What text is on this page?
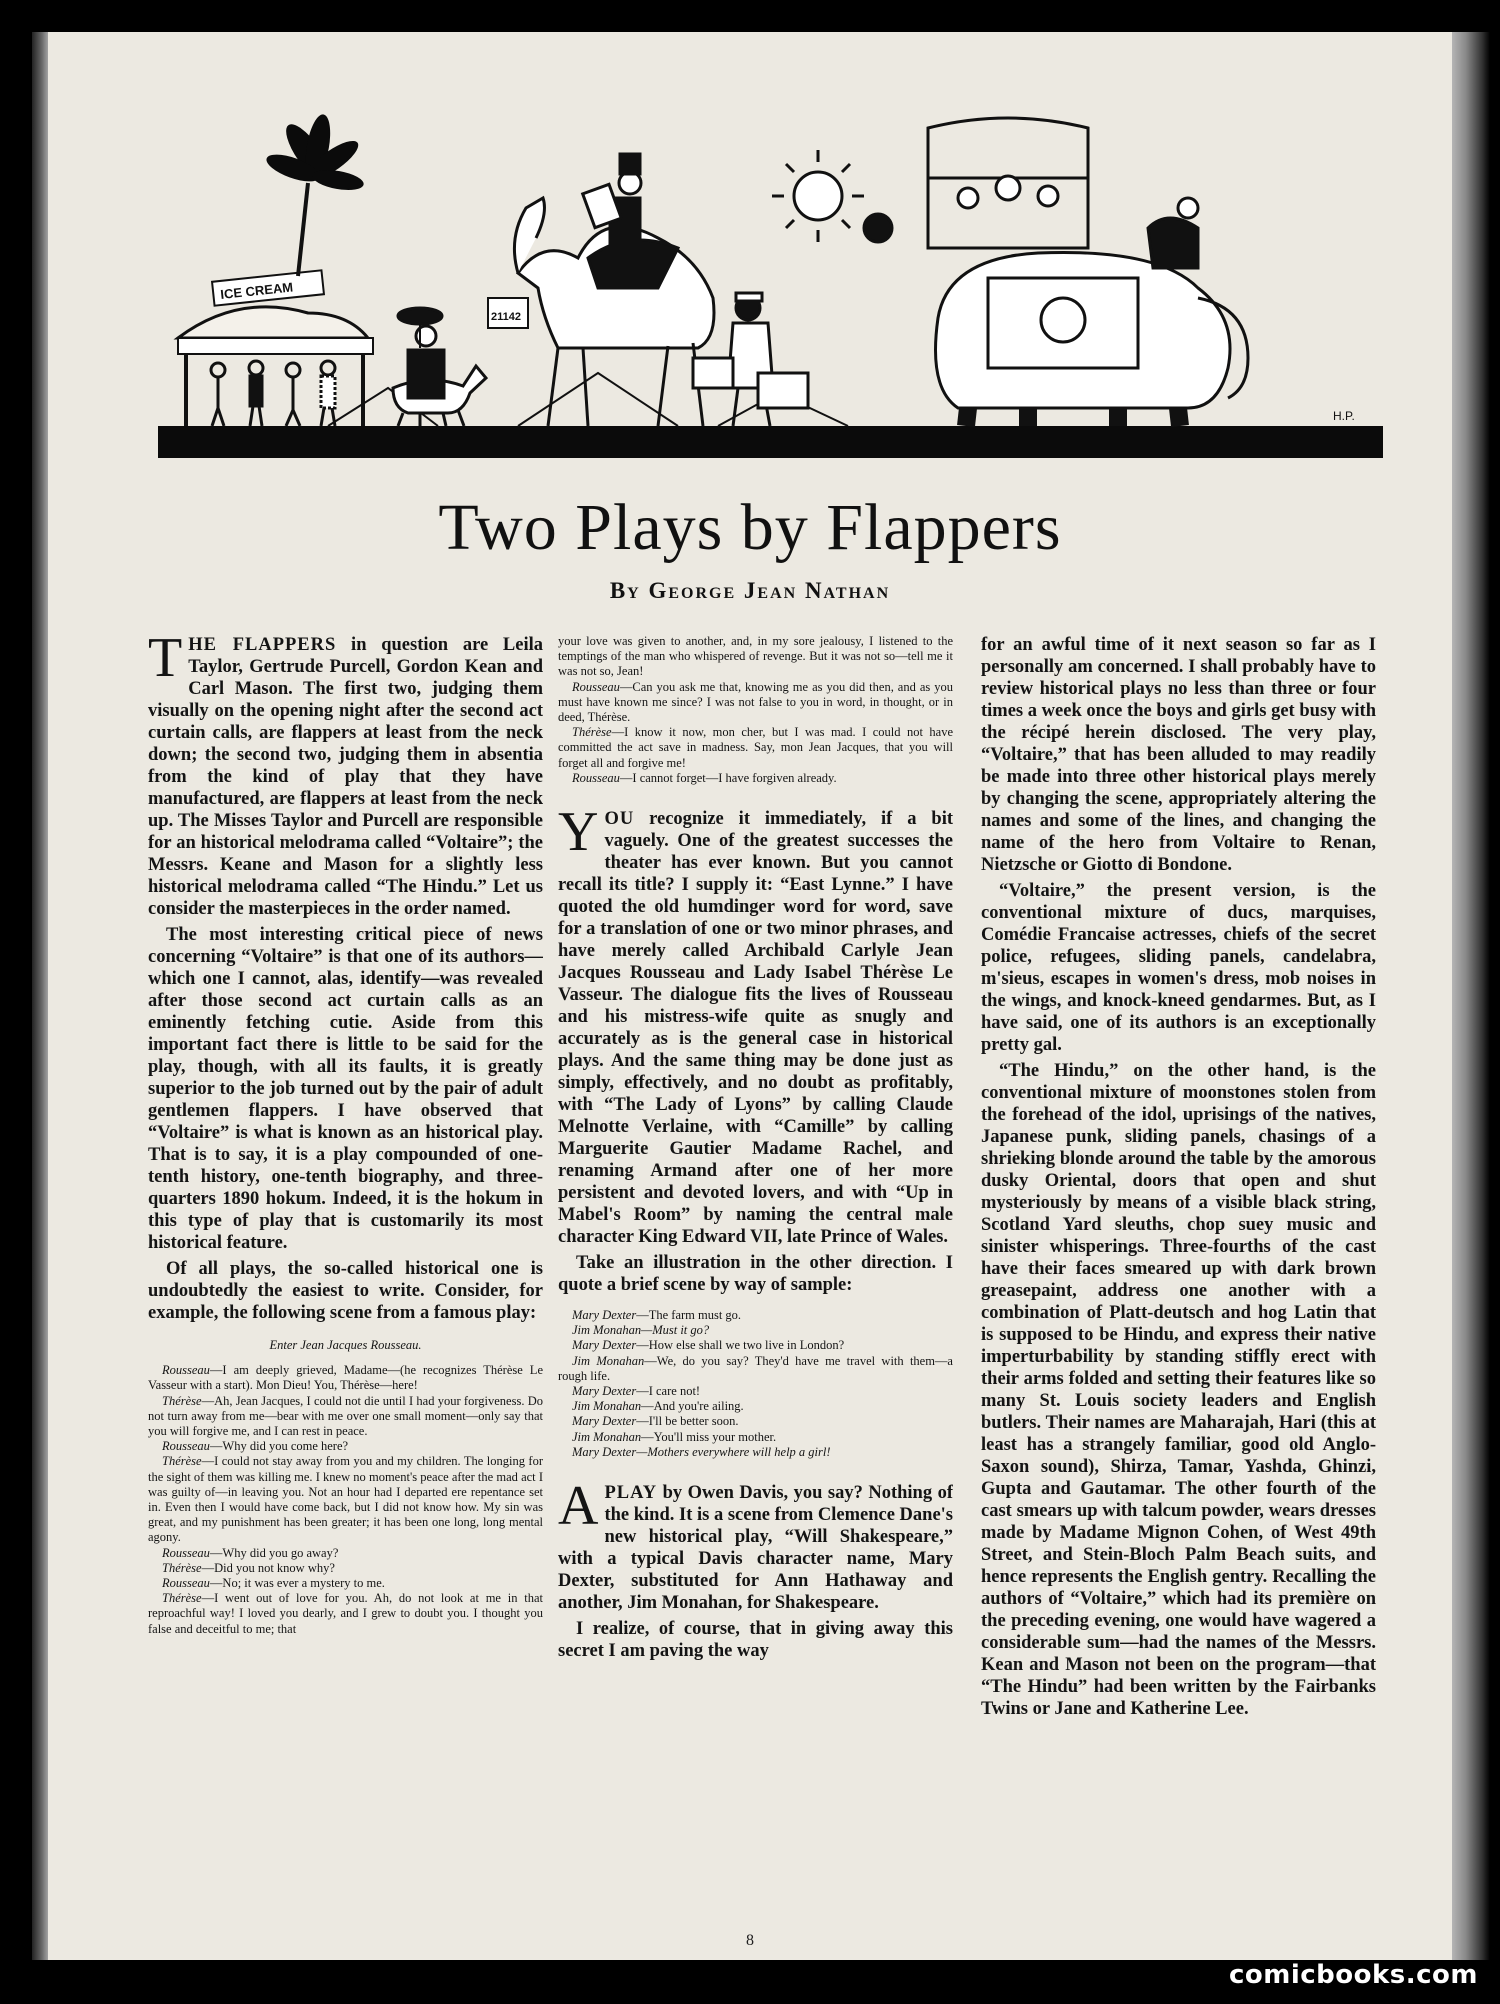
ICE CREAM
21142
H.P.
Two Plays by Flappers
By George Jean Nathan

THE FLAPPERS in question are Leila Taylor, Gertrude Purcell, Gordon Kean and Carl Mason. The first two, judging them visually on the opening night after the second act curtain calls, are flappers at least from the neck down; the second two, judging them in absentia from the kind of play that they have manufactured, are flappers at least from the neck up. The Misses Taylor and Purcell are responsible for an historical melodrama called “Voltaire”; the Messrs. Keane and Mason for a slightly less historical melodrama called “The Hindu.” Let us consider the masterpieces in the order named.

The most interesting critical piece of news concerning “Voltaire” is that one of its authors—which one I cannot, alas, identify—was revealed after those second act curtain calls as an eminently fetching cutie. Aside from this important fact there is little to be said for the play, though, with all its faults, it is greatly superior to the job turned out by the pair of adult gentlemen flappers. I have observed that “Voltaire” is what is known as an historical play. That is to say, it is a play compounded of one-tenth history, one-tenth biography, and three-quarters 1890 hokum. Indeed, it is the hokum in this type of play that is customarily its most historical feature.

Of all plays, the so-called historical one is undoubtedly the easiest to write. Consider, for example, the following scene from a famous play:

Enter Jean Jacques Rousseau.

Rousseau—I am deeply grieved, Madame—(he recognizes Thérèse Le Vasseur with a start). Mon Dieu! You, Thérèse—here!

Thérèse—Ah, Jean Jacques, I could not die until I had your forgiveness. Do not turn away from me—bear with me over one small moment—only say that you will forgive me, and I can rest in peace.

Rousseau—Why did you come here?

Thérèse—I could not stay away from you and my children. The longing for the sight of them was killing me. I knew no moment's peace after the mad act I was guilty of—in leaving you. Not an hour had I departed ere repentance set in. Even then I would have come back, but I did not know how. My sin was great, and my punishment has been greater; it has been one long, long mental agony.

Rousseau—Why did you go away?

Thérèse—Did you not know why?

Rousseau—No; it was ever a mystery to me.

Thérèse—I went out of love for you. Ah, do not look at me in that reproachful way! I loved you dearly, and I grew to doubt you. I thought you false and deceitful to me; that

your love was given to another, and, in my sore jealousy, I listened to the temptings of the man who whispered of revenge. But it was not so—tell me it was not so, Jean!

Rousseau—Can you ask me that, knowing me as you did then, and as you must have known me since? I was not false to you in word, in thought, or in deed, Thérèse.

Thérèse—I know it now, mon cher, but I was mad. I could not have committed the act save in madness. Say, mon Jean Jacques, that you will forget all and forgive me!

Rousseau—I cannot forget—I have forgiven already.

YOU recognize it immediately, if a bit vaguely. One of the greatest successes the theater has ever known. But you cannot recall its title? I supply it: “East Lynne.” I have quoted the old humdinger word for word, save for a translation of one or two minor phrases, and have merely called Archibald Carlyle Jean Jacques Rousseau and Lady Isabel Thérèse Le Vasseur. The dialogue fits the lives of Rousseau and his mistress-wife quite as snugly and accurately as is the general case in historical plays. And the same thing may be done just as simply, effectively, and no doubt as profitably, with “The Lady of Lyons” by calling Claude Melnotte Verlaine, with “Camille” by calling Marguerite Gautier Madame Rachel, and renaming Armand after one of her more persistent and devoted lovers, and with “Up in Mabel's Room” by naming the central male character King Edward VII, late Prince of Wales.

Take an illustration in the other direction. I quote a brief scene by way of sample:

Mary Dexter—The farm must go.

Jim Monahan—Must it go?

Mary Dexter—How else shall we two live in London?

Jim Monahan—We, do you say? They'd have me travel with them—a rough life.

Mary Dexter—I care not!

Jim Monahan—And you're ailing.

Mary Dexter—I'll be better soon.

Jim Monahan—You'll miss your mother.

Mary Dexter—Mothers everywhere will help a girl!

APLAY by Owen Davis, you say? Nothing of the kind. It is a scene from Clemence Dane's new historical play, “Will Shakespeare,” with a typical Davis character name, Mary Dexter, substituted for Ann Hathaway and another, Jim Monahan, for Shakespeare.

I realize, of course, that in giving away this secret I am paving the way

for an awful time of it next season so far as I personally am concerned. I shall probably have to review historical plays no less than three or four times a week once the boys and girls get busy with the récipé herein disclosed. The very play, “Voltaire,” that has been alluded to may readily be made into three other historical plays merely by changing the scene, appropriately altering the names and some of the lines, and changing the name of the hero from Voltaire to Renan, Nietzsche or Giotto di Bondone.

“Voltaire,” the present version, is the conventional mixture of ducs, marquises, Comédie Francaise actresses, chiefs of the secret police, refugees, sliding panels, candelabra, m'sieus, escapes in women's dress, mob noises in the wings, and knock-kneed gendarmes. But, as I have said, one of its authors is an exceptionally pretty gal.

“The Hindu,” on the other hand, is the conventional mixture of moonstones stolen from the forehead of the idol, uprisings of the natives, Japanese punk, sliding panels, chasings of a shrieking blonde around the table by the amorous dusky Oriental, doors that open and shut mysteriously by means of a visible black string, Scotland Yard sleuths, chop suey music and sinister whisperings. Three-fourths of the cast have their faces smeared up with dark brown greasepaint, address one another with a combination of Platt-deutsch and hog Latin that is supposed to be Hindu, and express their native imperturbability by standing stiffly erect with their arms folded and setting their features like so many St. Louis society leaders and English butlers. Their names are Maharajah, Hari (this at least has a strangely familiar, good old Anglo-Saxon sound), Shirza, Tamar, Yashda, Ghinzi, Gupta and Gautamar. The other fourth of the cast smears up with talcum powder, wears dresses made by Madame Mignon Cohen, of West 49th Street, and Stein-Bloch Palm Beach suits, and hence represents the English gentry. Recalling the authors of “Voltaire,” which had its première on the preceding evening, one would have wagered a considerable sum—had the names of the Messrs. Kean and Mason not been on the program—that “The Hindu” had been written by the Fairbanks Twins or Jane and Katherine Lee.

8
comicbooks.com
